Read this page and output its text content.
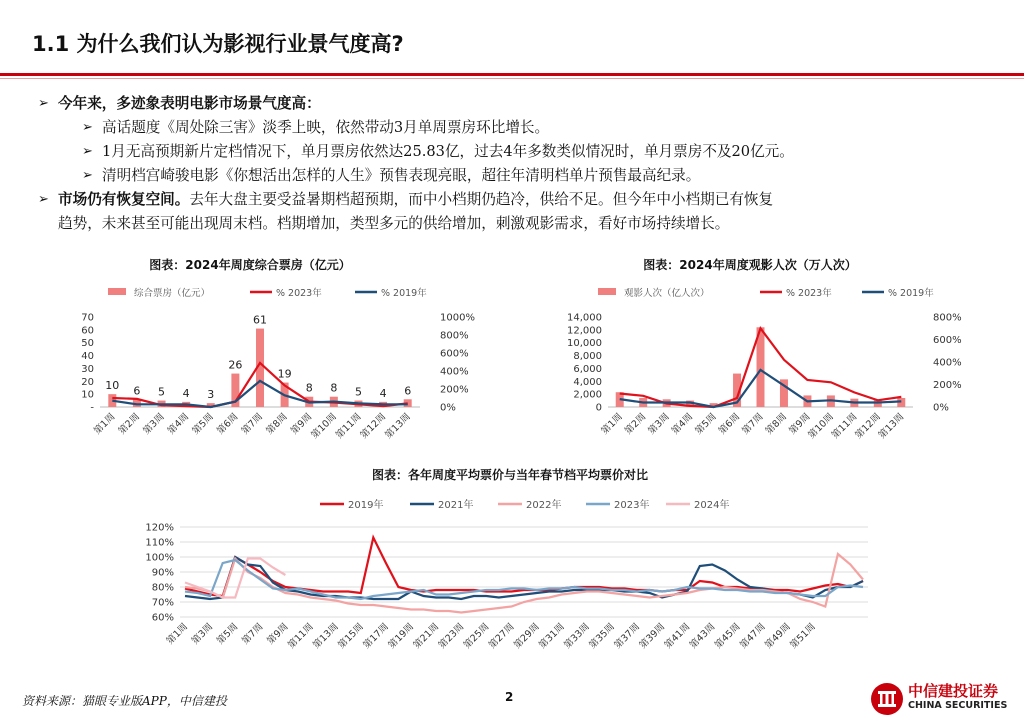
1.1 为什么我们认为影视行业景气度高?
➢ 今年来，多迹象表明电影市场景气度高：
➢ 高话题度《周处除三害》淡季上映，依然带动3月单周票房环比增长。
➢ 1月无高预期新片定档情况下，单月票房依然达25.83亿，过去4年多数类似情况时，单月票房不及20亿元。
➢ 清明档宫崎骏电影《你想活出怎样的人生》预售表现亮眼，超往年清明档单片预售最高纪录。
➢ 市场仍有恢复空间。去年大盘主要受益暑期档超预期，而中小档期仍趋冷，供给不足。但今年中小档期已有恢复
趋势，未来甚至可能出现周末档。档期增加，类型多元的供给增加，刺激观影需求，看好市场持续增长。
图表：2024年周度综合票房（亿元）
综合票房（亿元）	% 2023年	% 2019年
70
60
50
40
30
20
10
-
1000%
800%
600%
400%
200%
0%
10 6 5 4 3
26
61
19
8 8 5 4 6
第1周 第2周 第3周 第4周 第5周 第6周 第7周 第8周 第9周
第10周
第11周
第12周
第13周
图表：2024年周度观影人次（万人次）
观影人次（亿人次）	% 2023年	% 2019年
14,000
12,000
10,000
8,000
6,000
4,000
2,000
0
800%
600%
400%
200%
0%
第1周
第2周
第3周
第4周
第5周
第6周
第7周
第8周
第9周
第10周
第11周
第12周
第13周
图表：各年周度平均票价与当年春节档平均票价对比
2019年	2021年	2022年	2023年	2024年
120%
110%
100%
90%
80%
70%
60%
第1周 第3周 第5周 第7周 第9周
第11周
第13周
第15周
第17周
第19周
第21周
第23周
第25周
第27周
第29周
第31周
第33周
第35周
第37周
第39周
第41周
第43周
第45周
第47周
第49周
第51周
资料来源：猫眼专业版APP，中信建投	2	中信建投证券
CHINA SECURITIES
